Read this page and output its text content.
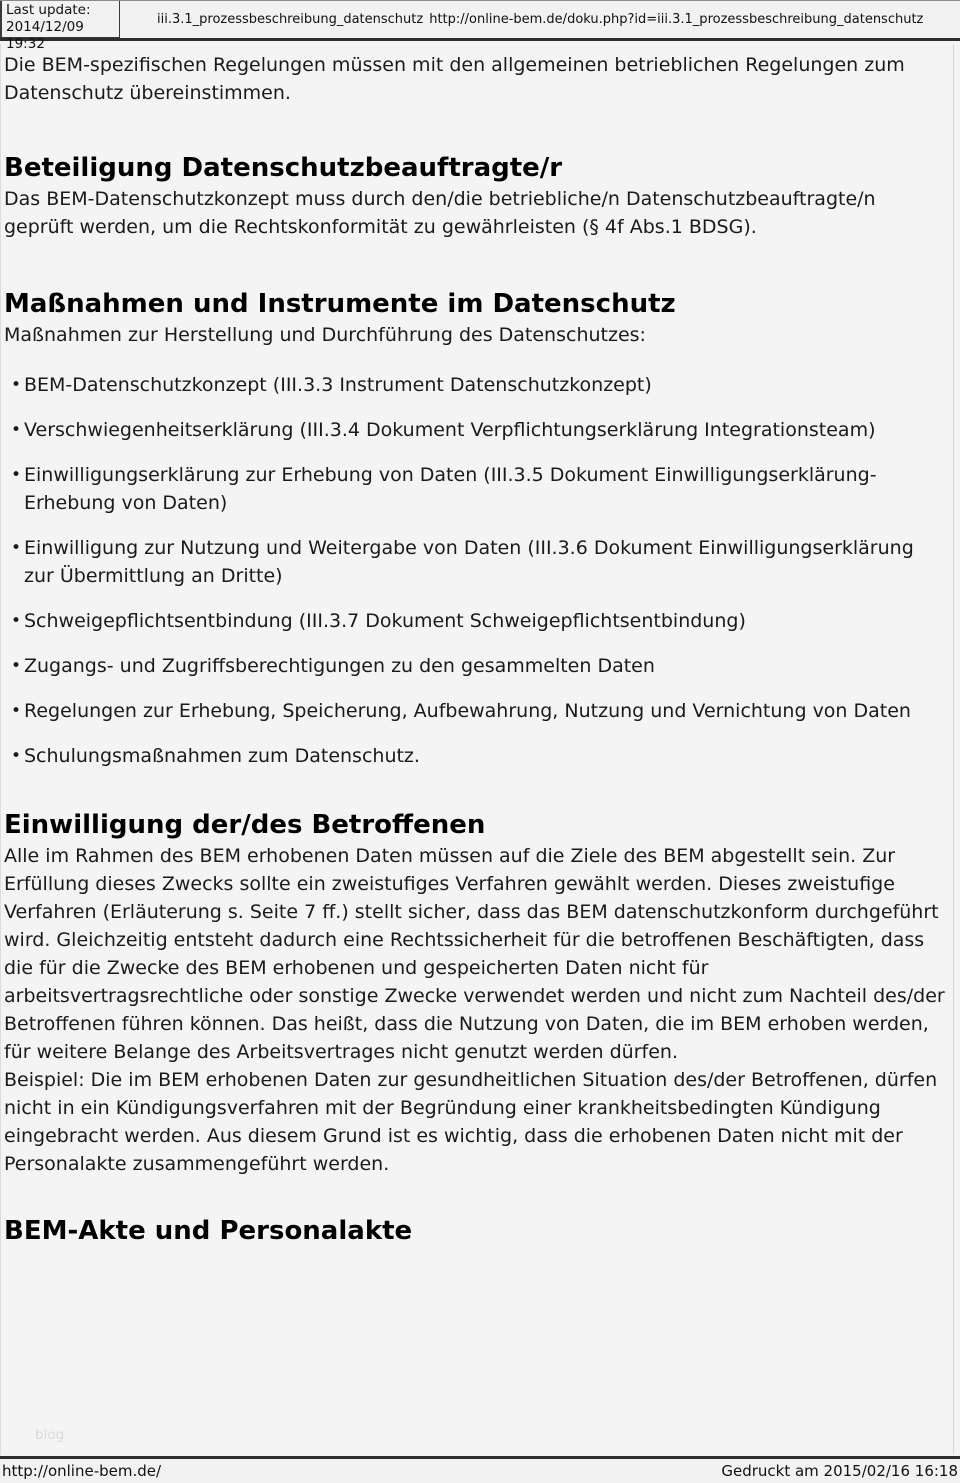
Last update:
2014/12/09 19:32
iii.3.1_prozessbeschreibung_datenschutz http://online-bem.de/doku.php?id=iii.3.1_prozessbeschreibung_datenschutz

Die BEM-spezifischen Regelungen müssen mit den allgemeinen betrieblichen Regelungen zum Datenschutz übereinstimmen.

Beteiligung Datenschutzbeauftragte/r

Das BEM-Datenschutzkonzept muss durch den/die betriebliche/n Datenschutzbeauftragte/n geprüft werden, um die Rechtskonformität zu gewährleisten (§ 4f Abs.1 BDSG).

Maßnahmen und Instrumente im Datenschutz

Maßnahmen zur Herstellung und Durchführung des Datenschutzes:

• BEM-Datenschutzkonzept (III.3.3 Instrument Datenschutzkonzept)
• Verschwiegenheitserklärung (III.3.4 Dokument Verpflichtungserklärung Integrationsteam)
• Einwilligungserklärung zur Erhebung von Daten (III.3.5 Dokument Einwilligungserklärung- Erhebung von Daten)
• Einwilligung zur Nutzung und Weitergabe von Daten (III.3.6 Dokument Einwilligungserklärung zur Übermittlung an Dritte)
• Schweigepflichtsentbindung (III.3.7 Dokument Schweigepflichtsentbindung)
• Zugangs- und Zugriffsberechtigungen zu den gesammelten Daten
• Regelungen zur Erhebung, Speicherung, Aufbewahrung, Nutzung und Vernichtung von Daten
• Schulungsmaßnahmen zum Datenschutz.
Einwilligung der/des Betroffenen

Alle im Rahmen des BEM erhobenen Daten müssen auf die Ziele des BEM abgestellt sein. Zur Erfüllung dieses Zwecks sollte ein zweistufiges Verfahren gewählt werden. Dieses zweistufige Verfahren (Erläuterung s. Seite 7 ff.) stellt sicher, dass das BEM datenschutzkonform durchgeführt wird. Gleichzeitig entsteht dadurch eine Rechtssicherheit für die betroffenen Beschäftigten, dass die für die Zwecke des BEM erhobenen und gespeicherten Daten nicht für arbeitsvertragsrechtliche oder sonstige Zwecke verwendet werden und nicht zum Nachteil des/der Betroffenen führen können. Das heißt, dass die Nutzung von Daten, die im BEM erhoben werden, für weitere Belange des Arbeitsvertrages nicht genutzt werden dürfen.

Beispiel: Die im BEM erhobenen Daten zur gesundheitlichen Situation des/der Betroffenen, dürfen nicht in ein Kündigungsverfahren mit der Begründung einer krankheitsbedingten Kündigung eingebracht werden. Aus diesem Grund ist es wichtig, dass die erhobenen Daten nicht mit der Personalakte zusammengeführt werden.

BEM-Akte und Personalakte
blog
http://online-bem.de/	Gedruckt am 2015/02/16 16:18
